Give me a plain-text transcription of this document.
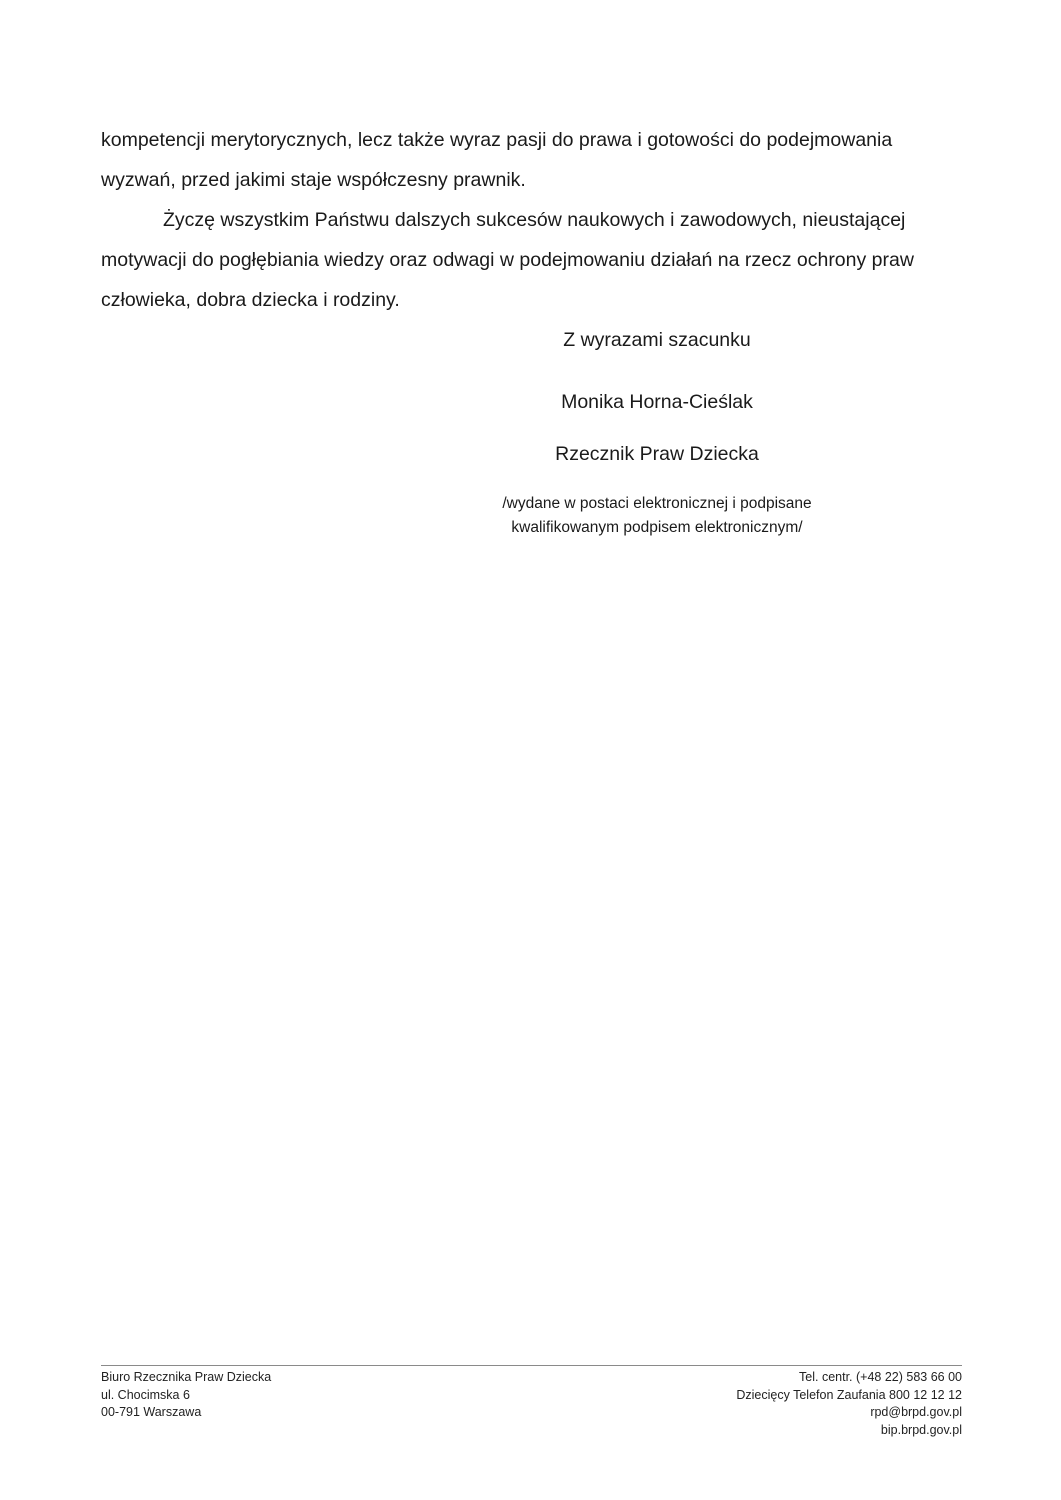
kompetencji merytorycznych, lecz także wyraz pasji do prawa i gotowości do podejmowania wyzwań, przed jakimi staje współczesny prawnik.

Życzę wszystkim Państwu dalszych sukcesów naukowych i zawodowych, nieustającej motywacji do pogłębiania wiedzy oraz odwagi w podejmowaniu działań na rzecz ochrony praw człowieka, dobra dziecka i rodziny.

Z wyrazami szacunku
Monika Horna-Cieślak
Rzecznik Praw Dziecka
/wydane w postaci elektronicznej i podpisane
kwalifikowanym podpisem elektronicznym/
Biuro Rzecznika Praw Dziecka
ul. Chocimska 6
00-791 Warszawa
Tel. centr. (+48 22) 583 66 00
Dziecięcy Telefon Zaufania 800 12 12 12
rpd@brpd.gov.pl
bip.brpd.gov.pl
